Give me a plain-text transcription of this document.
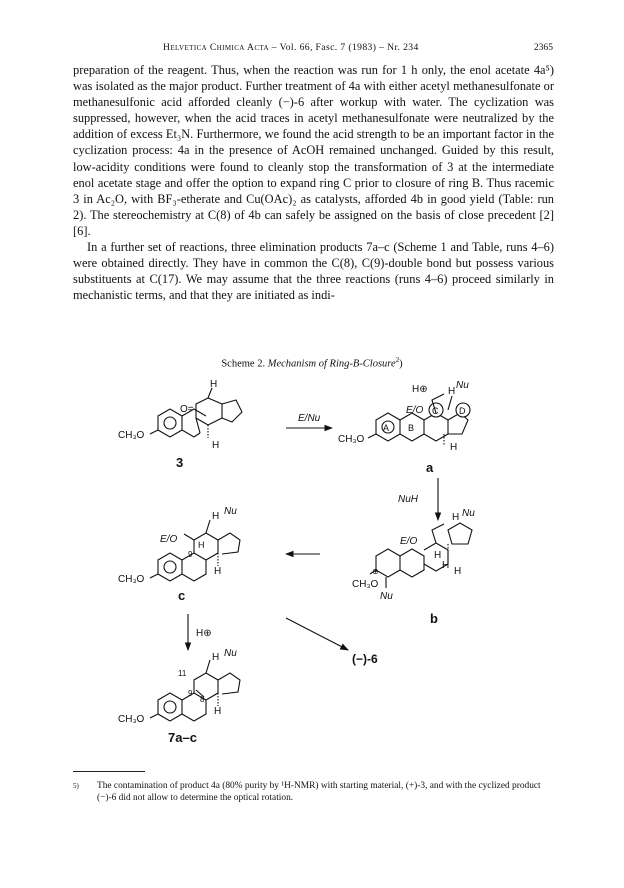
Helvetica Chimica Acta – Vol. 66, Fasc. 7 (1983) – Nr. 234	2365

preparation of the reagent. Thus, when the reaction was run for 1 h only, the enol acetate 4a⁵) was isolated as the major product. Further treatment of 4a with either acetyl methanesulfonate or methanesulfonic acid afforded cleanly (−)-6 after workup with water. The cyclization was suppressed, however, when the acid traces in acetyl methanesulfonate were neutralized by the addition of excess Et₃N. Furthermore, we found the acid strength to be an important factor in the cyclization process: 4a in the presence of AcOH remained unchanged. Guided by this result, low-acidity conditions were found to cleanly stop the transformation of 3 at the intermediate enol acetate stage and offer the option to expand ring C prior to closure of ring B. Thus racemic 3 in Ac₂O, with BF₃-etherate and Cu(OAc)₂ as catalysts, afforded 4b in good yield (Table: run 2). The stereochemistry at C(8) of 4b can safely be assigned on the basis of close precedent [2] [6].

In a further set of reactions, three elimination products 7a–c (Scheme 1 and Table, runs 4–6) were obtained directly. They have in common the C(8), C(9)-double bond but possess various substituents at C(17). We may assume that the three reactions (runs 4–6) proceed similarly in mechanistic terms, and that they are initiated as indi-

Scheme 2. Mechanism of Ring-B-Closure$^2$)
CH₃O
O=
H
H
3
E/Nu
CH₃O
A B
C D
E/O
H⊕ H
Nu
H
a
NuH
E/O
H Nu
H
H
H
⊕
CH₃O
Nu
b
E/O H
9
H Nu
H
CH₃O
c
H⊕
(−)-6
11
9
8
H Nu
H
CH₃O
7a–c
5)	The contamination of product 4a (80% purity by ¹H-NMR) with starting material, (+)-3, and with the cyclized product (−)-6 did not allow to determine the optical rotation.
